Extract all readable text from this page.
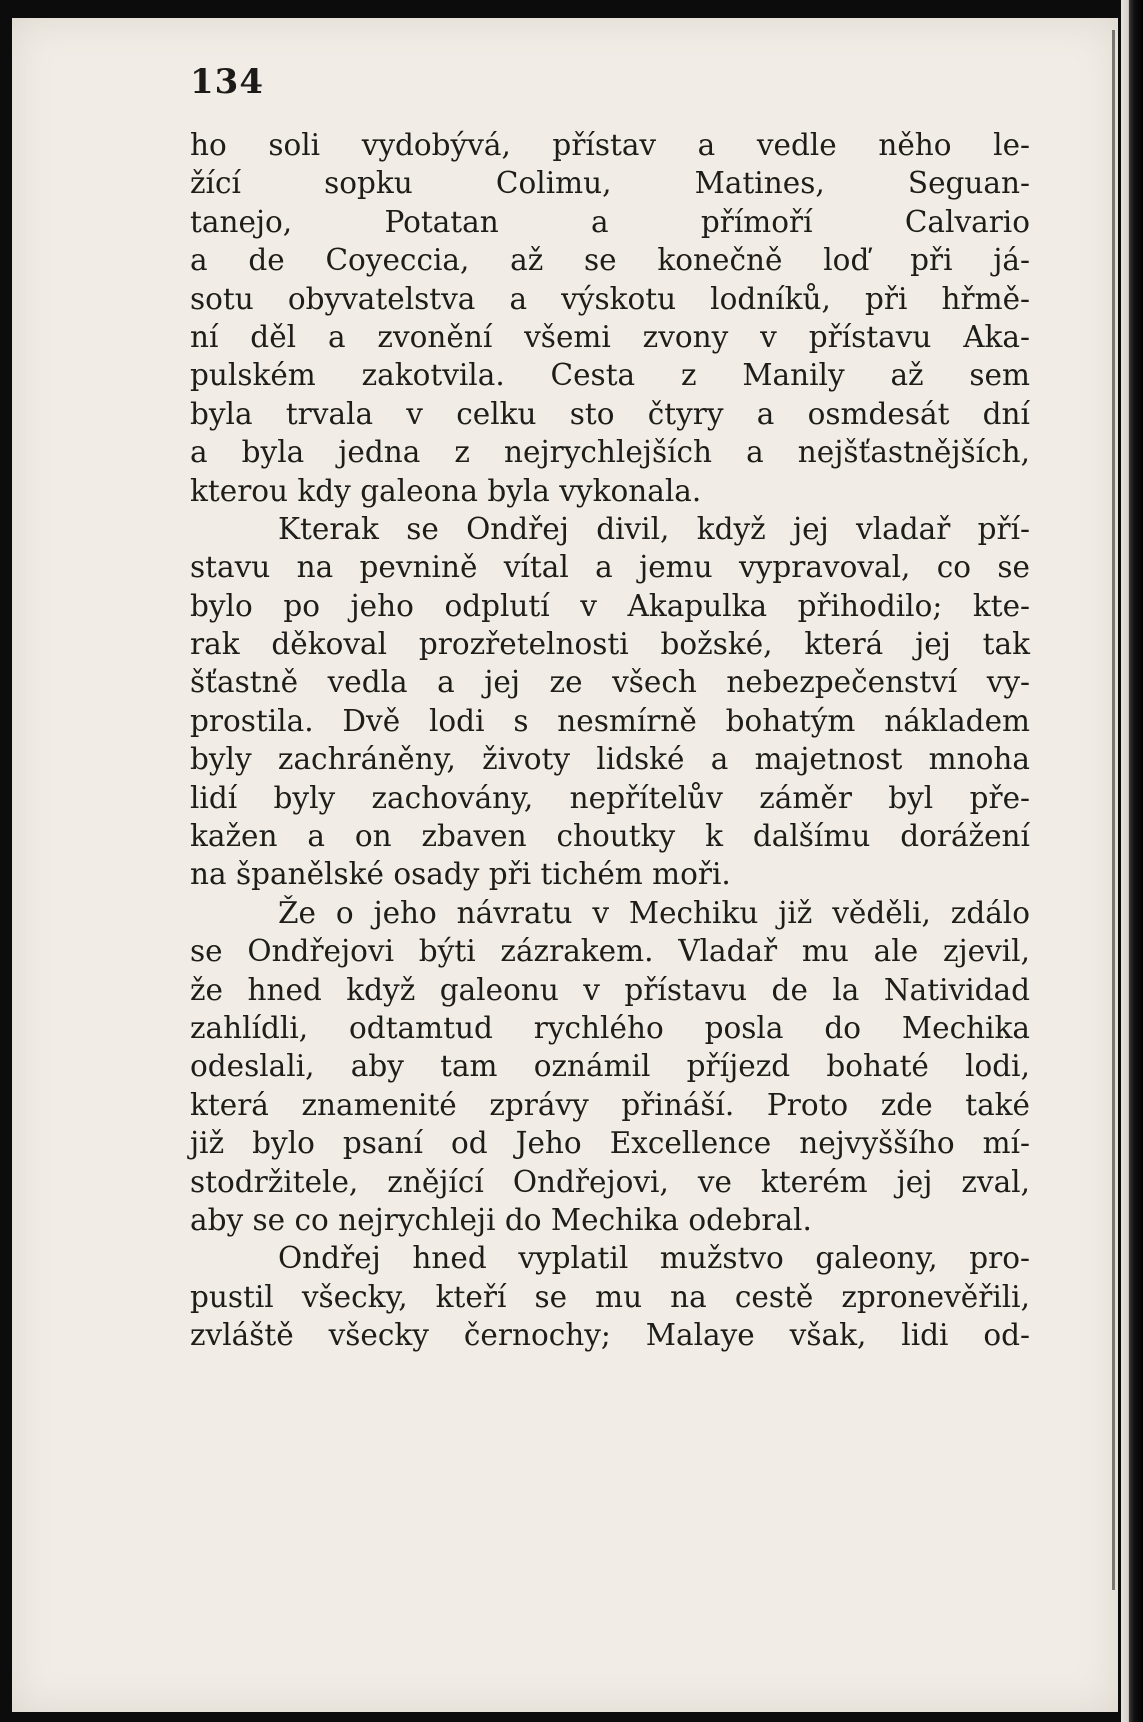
134
ho soli vydobývá, přístav a vedle něho le-
žící sopku Colimu, Matines, Seguan-
tanejo, Potatan a přímoří Calvario
a de Coyeccia, až se konečně loď při já-
sotu obyvatelstva a výskotu lodníků, při hřmě-
ní děl a zvonění všemi zvony v přístavu Aka-
pulském zakotvila. Cesta z Manily až sem
byla trvala v celku sto čtyry a osmdesát dní
a byla jedna z nejrychlejších a nejšťastnějších,
kterou kdy galeona byla vykonala.
Kterak se Ondřej divil, když jej vladař pří-
stavu na pevnině vítal a jemu vypravoval, co se
bylo po jeho odplutí v Akapulka přihodilo; kte-
rak děkoval prozřetelnosti božské, která jej tak
šťastně vedla a jej ze všech nebezpečenství vy-
prostila. Dvě lodi s nesmírně bohatým nákladem
byly zachráněny, životy lidské a majetnost mnoha
lidí byly zachovány, nepřítelův záměr byl pře-
kažen a on zbaven choutky k dalšímu dorážení
na španělské osady při tichém moři.
Že o jeho návratu v Mechiku již věděli, zdálo
se Ondřejovi býti zázrakem. Vladař mu ale zjevil,
že hned když galeonu v přístavu de la Natividad
zahlídli, odtamtud rychlého posla do Mechika
odeslali, aby tam oznámil příjezd bohaté lodi,
která znamenité zprávy přináší. Proto zde také
již bylo psaní od Jeho Excellence nejvyššího mí-
stodržitele, znějící Ondřejovi, ve kterém jej zval,
aby se co nejrychleji do Mechika odebral.
Ondřej hned vyplatil mužstvo galeony, pro-
pustil všecky, kteří se mu na cestě zpronevěřili,
zvláště všecky černochy; Malaye však, lidi od-
